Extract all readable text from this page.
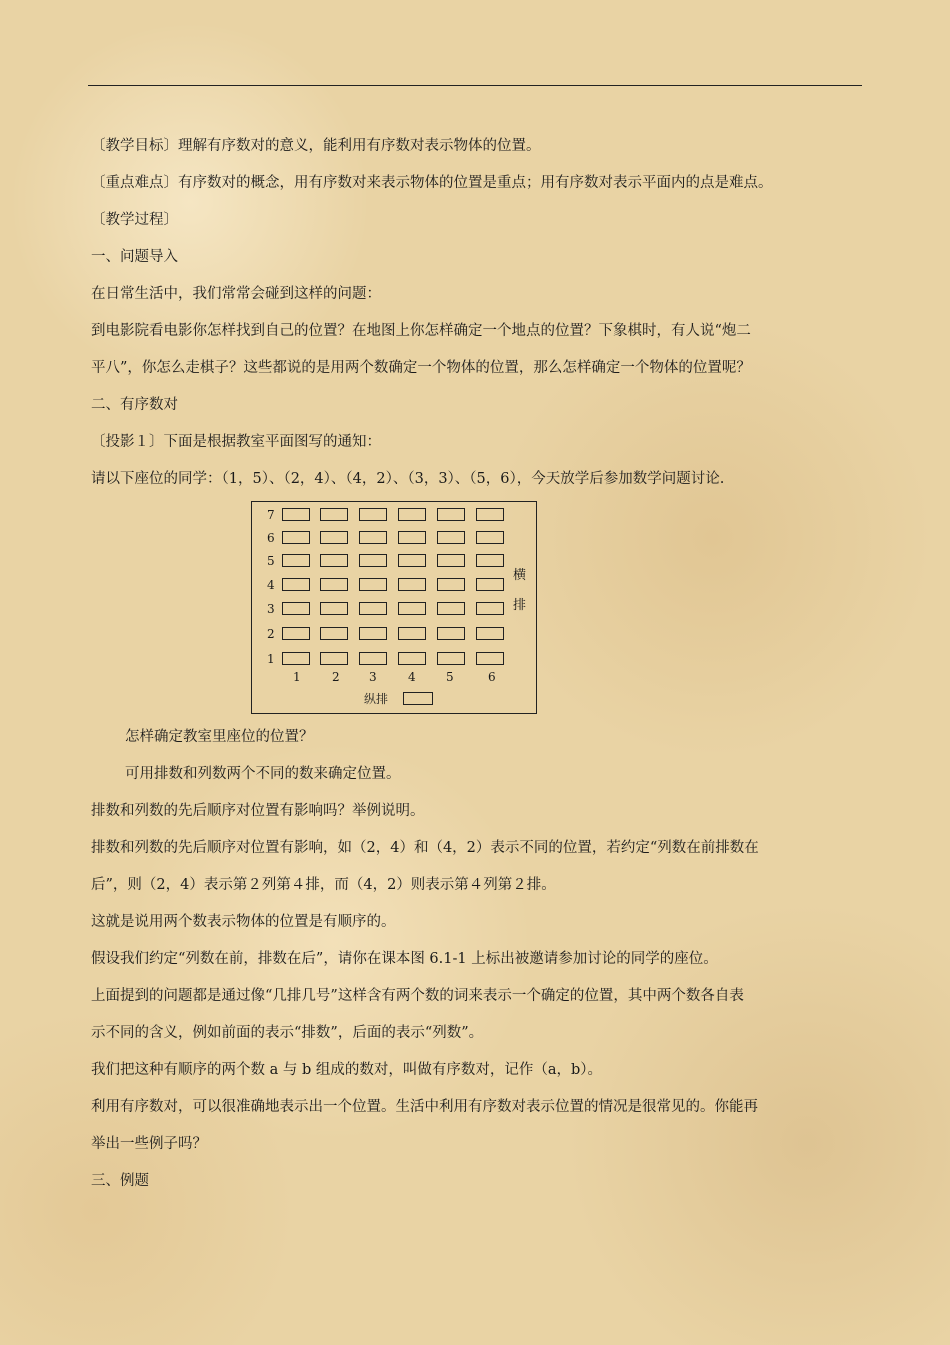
〔教学目标〕理解有序数对的意义，能利用有序数对表示物体的位置。
〔重点难点〕有序数对的概念，用有序数对来表示物体的位置是重点；用有序数对表示平面内的点是难点。
〔教学过程〕
一、问题导入
在日常生活中，我们常常会碰到这样的问题：
到电影院看电影你怎样找到自己的位置？在地图上你怎样确定一个地点的位置？下象棋时，有人说“炮二
平八”，你怎么走棋子？这些都说的是用两个数确定一个物体的位置，那么怎样确定一个物体的位置呢？
二、有序数对
〔投影１〕下面是根据教室平面图写的通知：
请以下座位的同学：（1，5）、（2，4）、（4，2）、（3，3）、（5，6），今天放学后参加数学问题讨论.
7
6
5
4
3
2
1
1	2 3	4	5	6
横
排
纵排
怎样确定教室里座位的位置？
可用排数和列数两个不同的数来确定位置。
排数和列数的先后顺序对位置有影响吗？举例说明。
排数和列数的先后顺序对位置有影响，如（2，4）和（4，2）表示不同的位置，若约定“列数在前排数在
后”，则（2，4）表示第２列第４排，而（4，2）则表示第４列第２排。
这就是说用两个数表示物体的位置是有顺序的。
假设我们约定“列数在前，排数在后”，请你在课本图 6.1-1 上标出被邀请参加讨论的同学的座位。
上面提到的问题都是通过像“几排几号”这样含有两个数的词来表示一个确定的位置，其中两个数各自表
示不同的含义，例如前面的表示“排数”，后面的表示“列数”。
我们把这种有顺序的两个数 a 与 b 组成的数对，叫做有序数对，记作（a，b）。
利用有序数对，可以很准确地表示出一个位置。生活中利用有序数对表示位置的情况是很常见的。你能再
举出一些例子吗？
三、例题
